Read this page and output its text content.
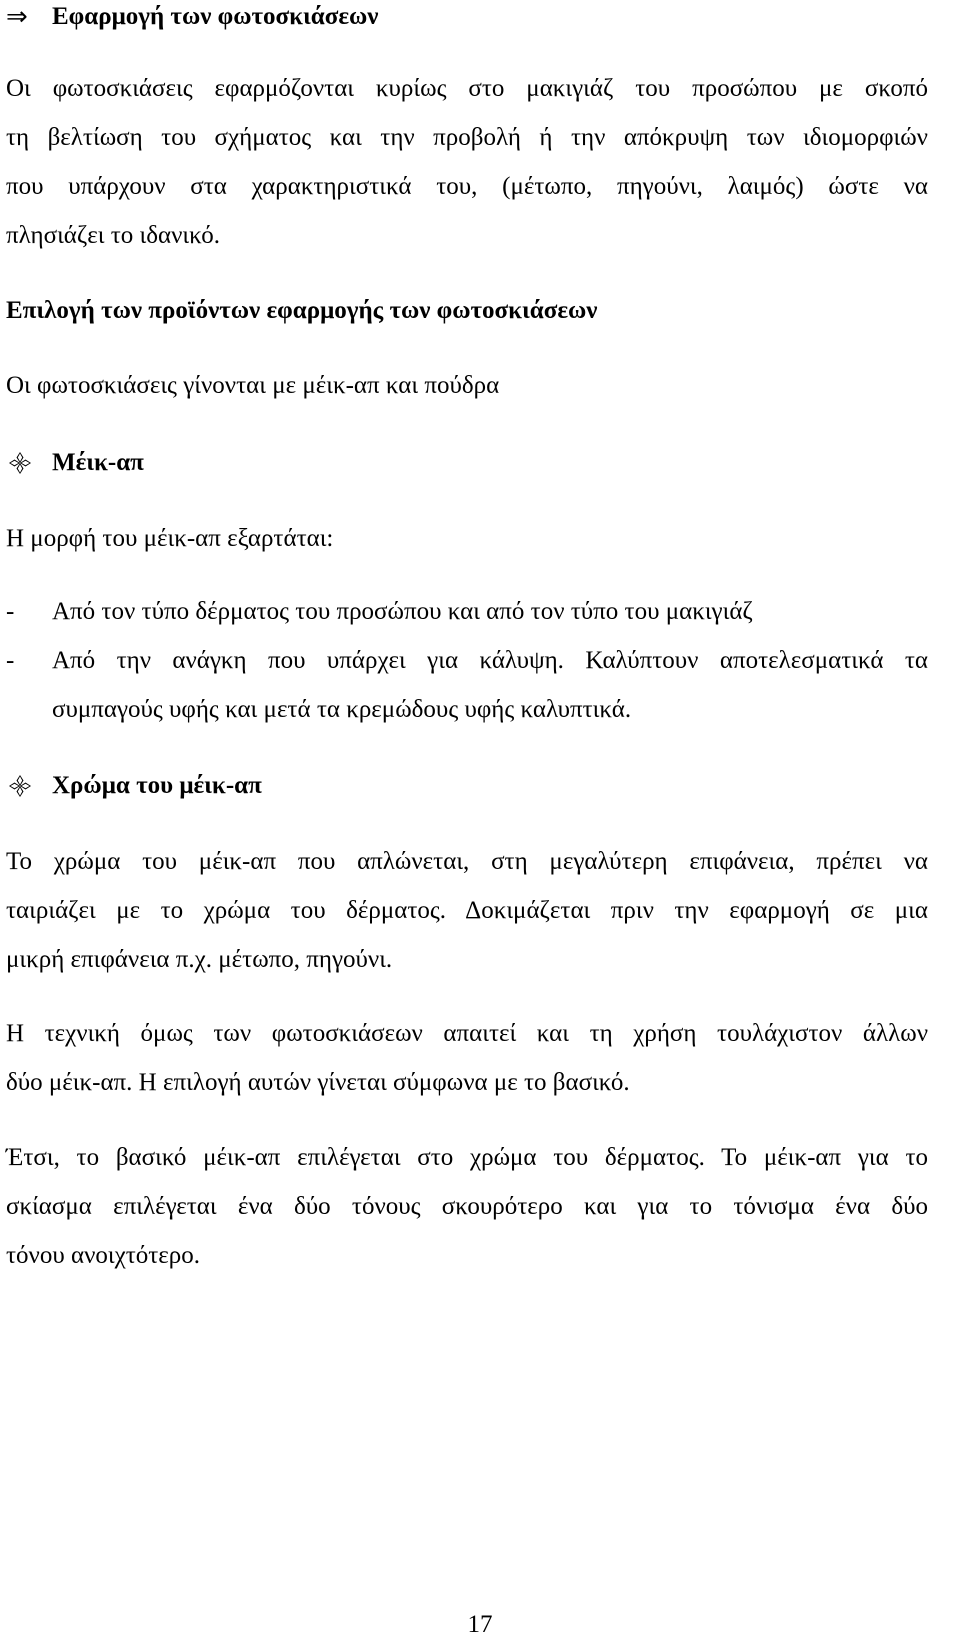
⇒ Εφαρμογή των φωτοσκιάσεων
Οι φωτοσκιάσεις εφαρμόζονται κυρίως στο μακιγιάζ του προσώπου με σκοπό
τη βελτίωση του σχήματος και την προβολή ή την απόκρυψη των ιδιομορφιών
που υπάρχουν στα χαρακτηριστικά του, (μέτωπο, πηγούνι, λαιμός) ώστε να
πλησιάζει το ιδανικό.
Επιλογή των προϊόντων εφαρμογής των φωτοσκιάσεων
Οι φωτοσκιάσεις γίνονται με μέικ-απ και πούδρα
Μέικ-απ
Η μορφή του μέικ-απ εξαρτάται:
- Από τον τύπο δέρματος του προσώπου και από τον τύπο του μακιγιάζ
- Από την ανάγκη που υπάρχει για κάλυψη. Καλύπτουν αποτελεσματικά τα
συμπαγούς υφής και μετά τα κρεμώδους υφής καλυπτικά.
Χρώμα του μέικ-απ
Το χρώμα του μέικ-απ που απλώνεται, στη μεγαλύτερη επιφάνεια, πρέπει να
ταιριάζει με το χρώμα του δέρματος. Δοκιμάζεται πριν την εφαρμογή σε μια
μικρή επιφάνεια π.χ. μέτωπο, πηγούνι.
Η τεχνική όμως των φωτοσκιάσεων απαιτεί και τη χρήση τουλάχιστον άλλων
δύο μέικ-απ. Η επιλογή αυτών γίνεται σύμφωνα με το βασικό.
Έτσι, το βασικό μέικ-απ επιλέγεται στο χρώμα του δέρματος. Το μέικ-απ για το
σκίασμα επιλέγεται ένα δύο τόνους σκουρότερο και για το τόνισμα ένα δύο
τόνου ανοιχτότερο.
17
